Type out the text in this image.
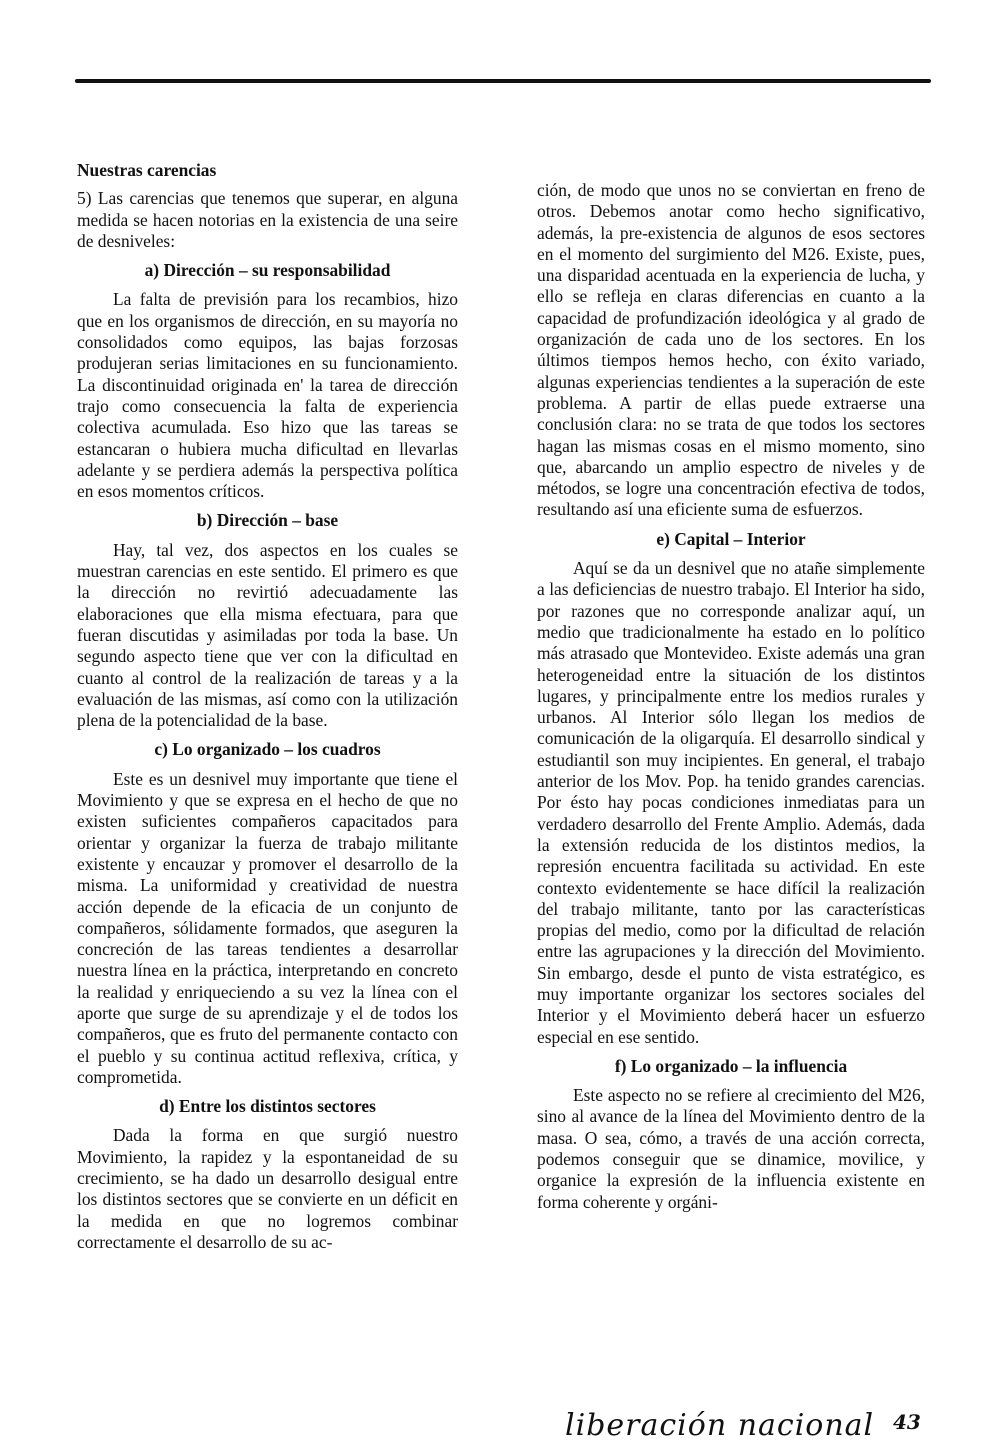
Nuestras carencias

5) Las carencias que tenemos que superar, en alguna medida se hacen notorias en la existencia de una seire de desniveles:

a) Dirección – su responsabilidad

La falta de previsión para los recambios, hizo que en los organismos de dirección, en su mayoría no consolidados como equipos, las bajas forzosas produjeran serias limitaciones en su funcionamiento. La discontinuidad originada en' la tarea de dirección trajo como consecuencia la falta de experiencia colectiva acumulada. Eso hizo que las tareas se estancaran o hubiera mucha dificultad en llevarlas adelante y se perdiera además la perspectiva política en esos momentos críticos.

b) Dirección – base

Hay, tal vez, dos aspectos en los cuales se muestran carencias en este sentido. El primero es que la dirección no revirtió adecuadamente las elaboraciones que ella misma efectuara, para que fueran discutidas y asimiladas por toda la base. Un segundo aspecto tiene que ver con la dificultad en cuanto al control de la realización de tareas y a la evaluación de las mismas, así como con la utilización plena de la potencialidad de la base.

c) Lo organizado – los cuadros

Este es un desnivel muy importante que tiene el Movimiento y que se expresa en el hecho de que no existen suficientes compañeros capacitados para orientar y organizar la fuerza de trabajo militante existente y encauzar y promover el desarrollo de la misma. La uniformidad y creatividad de nuestra acción depende de la eficacia de un conjunto de compañeros, sólidamente formados, que aseguren la concreción de las tareas tendientes a desarrollar nuestra línea en la práctica, interpretando en concreto la realidad y enriqueciendo a su vez la línea con el aporte que surge de su aprendizaje y el de todos los compañeros, que es fruto del permanente contacto con el pueblo y su continua actitud reflexiva, crítica, y comprometida.

d) Entre los distintos sectores

Dada la forma en que surgió nuestro Movimiento, la rapidez y la espontaneidad de su crecimiento, se ha dado un desarrollo desigual entre los distintos sectores que se convierte en un déficit en la medida en que no logremos combinar correctamente el desarrollo de su ac-

ción, de modo que unos no se conviertan en freno de otros. Debemos anotar como hecho significativo, además, la pre-existencia de algunos de esos sectores en el momento del surgimiento del M26. Existe, pues, una disparidad acentuada en la experiencia de lucha, y ello se refleja en claras diferencias en cuanto a la capacidad de profundización ideológica y al grado de organización de cada uno de los sectores. En los últimos tiempos hemos hecho, con éxito variado, algunas experiencias tendientes a la superación de este problema. A partir de ellas puede extraerse una conclusión clara: no se trata de que todos los sectores hagan las mismas cosas en el mismo momento, sino que, abarcando un amplio espectro de niveles y de métodos, se logre una concentración efectiva de todos, resultando así una eficiente suma de esfuerzos.

e) Capital – Interior

Aquí se da un desnivel que no atañe simplemente a las deficiencias de nuestro trabajo. El Interior ha sido, por razones que no corresponde analizar aquí, un medio que tradicionalmente ha estado en lo político más atrasado que Montevideo. Existe además una gran heterogeneidad entre la situación de los distintos lugares, y principalmente entre los medios rurales y urbanos. Al Interior sólo llegan los medios de comunicación de la oligarquía. El desarrollo sindical y estudiantil son muy incipientes. En general, el trabajo anterior de los Mov. Pop. ha tenido grandes carencias. Por ésto hay pocas condiciones inmediatas para un verdadero desarrollo del Frente Amplio. Además, dada la extensión reducida de los distintos medios, la represión encuentra facilitada su actividad. En este contexto evidentemente se hace difícil la realización del trabajo militante, tanto por las características propias del medio, como por la dificultad de relación entre las agrupaciones y la dirección del Movimiento. Sin embargo, desde el punto de vista estratégico, es muy importante organizar los sectores sociales del Interior y el Movimiento deberá hacer un esfuerzo especial en ese sentido.

f) Lo organizado – la influencia

Este aspecto no se refiere al crecimiento del M26, sino al avance de la línea del Movimiento dentro de la masa. O sea, cómo, a través de una acción correcta, podemos conseguir que se dinamice, movilice, y organice la expresión de la influencia existente en forma coherente y orgáni-

liberación nacional 43
